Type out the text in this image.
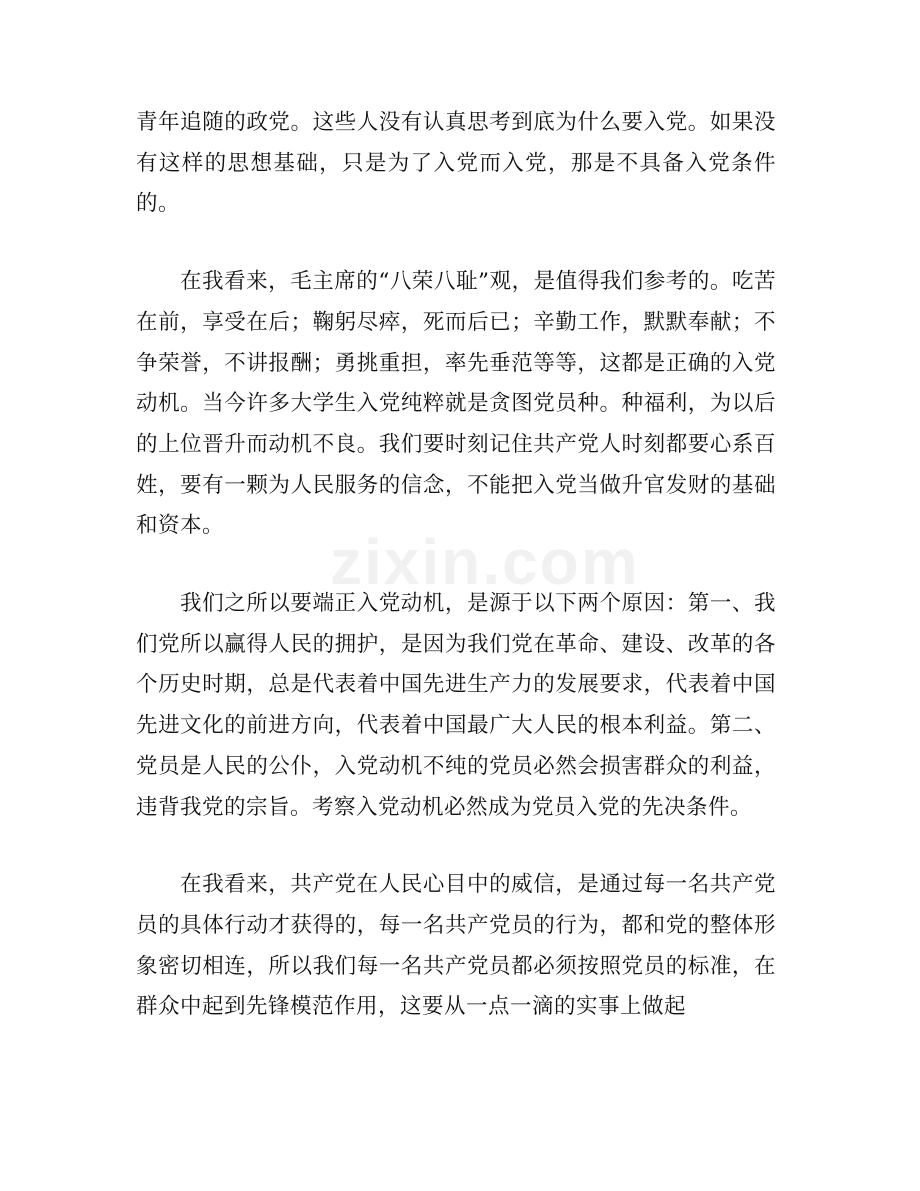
zixin.com

青年追随的政党。这些人没有认真思考到底为什么要入党。如果没有这样的思想基础，只是为了入党而入党，那是不具备入党条件的。

在我看来，毛主席的“八荣八耻”观，是值得我们参考的。吃苦在前，享受在后；鞠躬尽瘁，死而后已；辛勤工作，默默奉献；不争荣誉，不讲报酬；勇挑重担，率先垂范等等，这都是正确的入党动机。当今许多大学生入党纯粹就是贪图党员种。种福利，为以后的上位晋升而动机不良。我们要时刻记住共产党人时刻都要心系百姓，要有一颗为人民服务的信念，不能把入党当做升官发财的基础和资本。

我们之所以要端正入党动机，是源于以下两个原因：第一、我们党所以赢得人民的拥护，是因为我们党在革命、建设、改革的各个历史时期，总是代表着中国先进生产力的发展要求，代表着中国先进文化的前进方向，代表着中国最广大人民的根本利益。第二、党员是人民的公仆，入党动机不纯的党员必然会损害群众的利益，违背我党的宗旨。考察入党动机必然成为党员入党的先决条件。

在我看来，共产党在人民心目中的威信，是通过每一名共产党员的具体行动才获得的，每一名共产党员的行为，都和党的整体形象密切相连，所以我们每一名共产党员都必须按照党员的标准，在群众中起到先锋模范作用，这要从一点一滴的实事上做起
